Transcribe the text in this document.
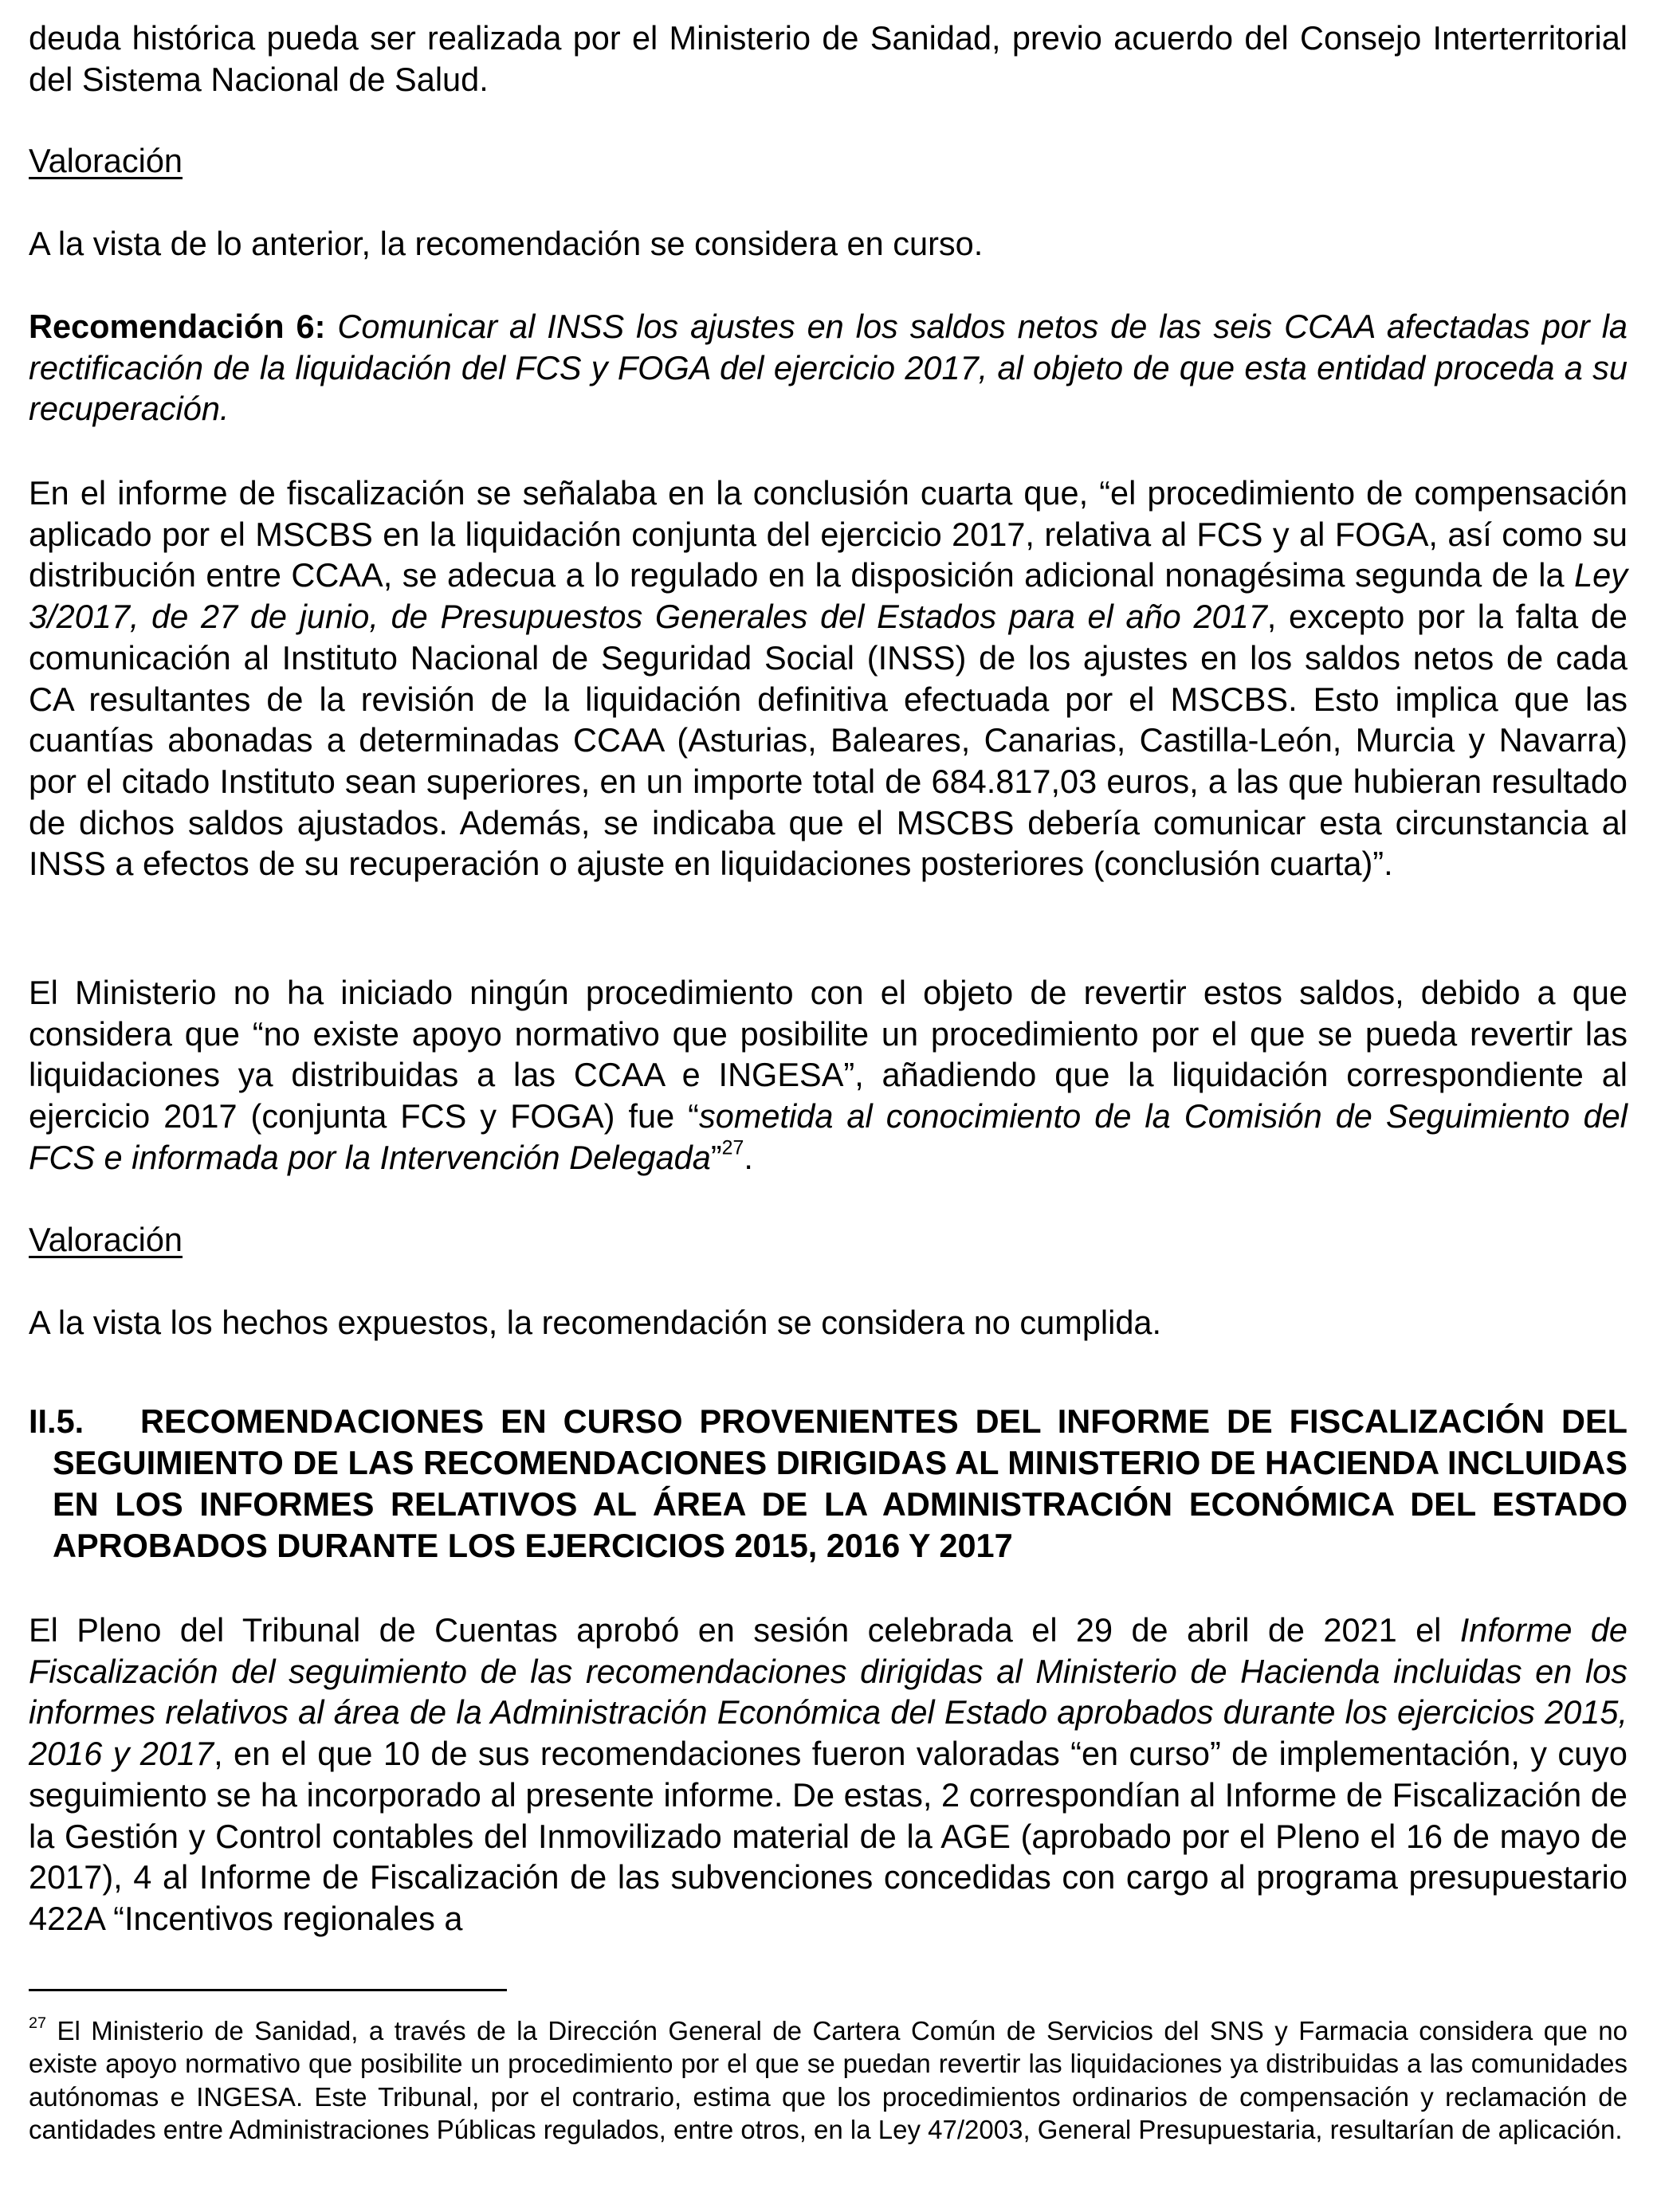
deuda histórica pueda ser realizada por el Ministerio de Sanidad, previo acuerdo del Consejo Interterritorial del Sistema Nacional de Salud.

Valoración

A la vista de lo anterior, la recomendación se considera en curso.

Recomendación 6: Comunicar al INSS los ajustes en los saldos netos de las seis CCAA afectadas por la rectificación de la liquidación del FCS y FOGA del ejercicio 2017, al objeto de que esta entidad proceda a su recuperación.

En el informe de fiscalización se señalaba en la conclusión cuarta que, “el procedimiento de compensación aplicado por el MSCBS en la liquidación conjunta del ejercicio 2017, relativa al FCS y al FOGA, así como su distribución entre CCAA, se adecua a lo regulado en la disposición adicional nonagésima segunda de la Ley 3/2017, de 27 de junio, de Presupuestos Generales del Estados para el año 2017, excepto por la falta de comunicación al Instituto Nacional de Seguridad Social (INSS) de los ajustes en los saldos netos de cada CA resultantes de la revisión de la liquidación definitiva efectuada por el MSCBS. Esto implica que las cuantías abonadas a determinadas CCAA (Asturias, Baleares, Canarias, Castilla-León, Murcia y Navarra) por el citado Instituto sean superiores, en un importe total de 684.817,03 euros, a las que hubieran resultado de dichos saldos ajustados. Además, se indicaba que el MSCBS debería comunicar esta circunstancia al INSS a efectos de su recuperación o ajuste en liquidaciones posteriores (conclusión cuarta)”.

El Ministerio no ha iniciado ningún procedimiento con el objeto de revertir estos saldos, debido a que considera que “no existe apoyo normativo que posibilite un procedimiento por el que se pueda revertir las liquidaciones ya distribuidas a las CCAA e INGESA”, añadiendo que la liquidación correspondiente al ejercicio 2017 (conjunta FCS y FOGA) fue “sometida al conocimiento de la Comisión de Seguimiento del FCS e informada por la Intervención Delegada”$^{27}$.

Valoración

A la vista los hechos expuestos, la recomendación se considera no cumplida.

II.5. RECOMENDACIONES EN CURSO PROVENIENTES DEL INFORME DE FISCALIZACIÓN DEL SEGUIMIENTO DE LAS RECOMENDACIONES DIRIGIDAS AL MINISTERIO DE HACIENDA INCLUIDAS EN LOS INFORMES RELATIVOS AL ÁREA DE LA ADMINISTRACIÓN ECONÓMICA DEL ESTADO APROBADOS DURANTE LOS EJERCICIOS 2015, 2016 Y 2017

El Pleno del Tribunal de Cuentas aprobó en sesión celebrada el 29 de abril de 2021 el Informe de Fiscalización del seguimiento de las recomendaciones dirigidas al Ministerio de Hacienda incluidas en los informes relativos al área de la Administración Económica del Estado aprobados durante los ejercicios 2015, 2016 y 2017, en el que 10 de sus recomendaciones fueron valoradas “en curso” de implementación, y cuyo seguimiento se ha incorporado al presente informe. De estas, 2 correspondían al Informe de Fiscalización de la Gestión y Control contables del Inmovilizado material de la AGE (aprobado por el Pleno el 16 de mayo de 2017), 4 al Informe de Fiscalización de las subvenciones concedidas con cargo al programa presupuestario 422A “Incentivos regionales a

$^{27}$ El Ministerio de Sanidad, a través de la Dirección General de Cartera Común de Servicios del SNS y Farmacia considera que no existe apoyo normativo que posibilite un procedimiento por el que se puedan revertir las liquidaciones ya distribuidas a las comunidades autónomas e INGESA. Este Tribunal, por el contrario, estima que los procedimientos ordinarios de compensación y reclamación de cantidades entre Administraciones Públicas regulados, entre otros, en la Ley 47/2003, General Presupuestaria, resultarían de aplicación.
